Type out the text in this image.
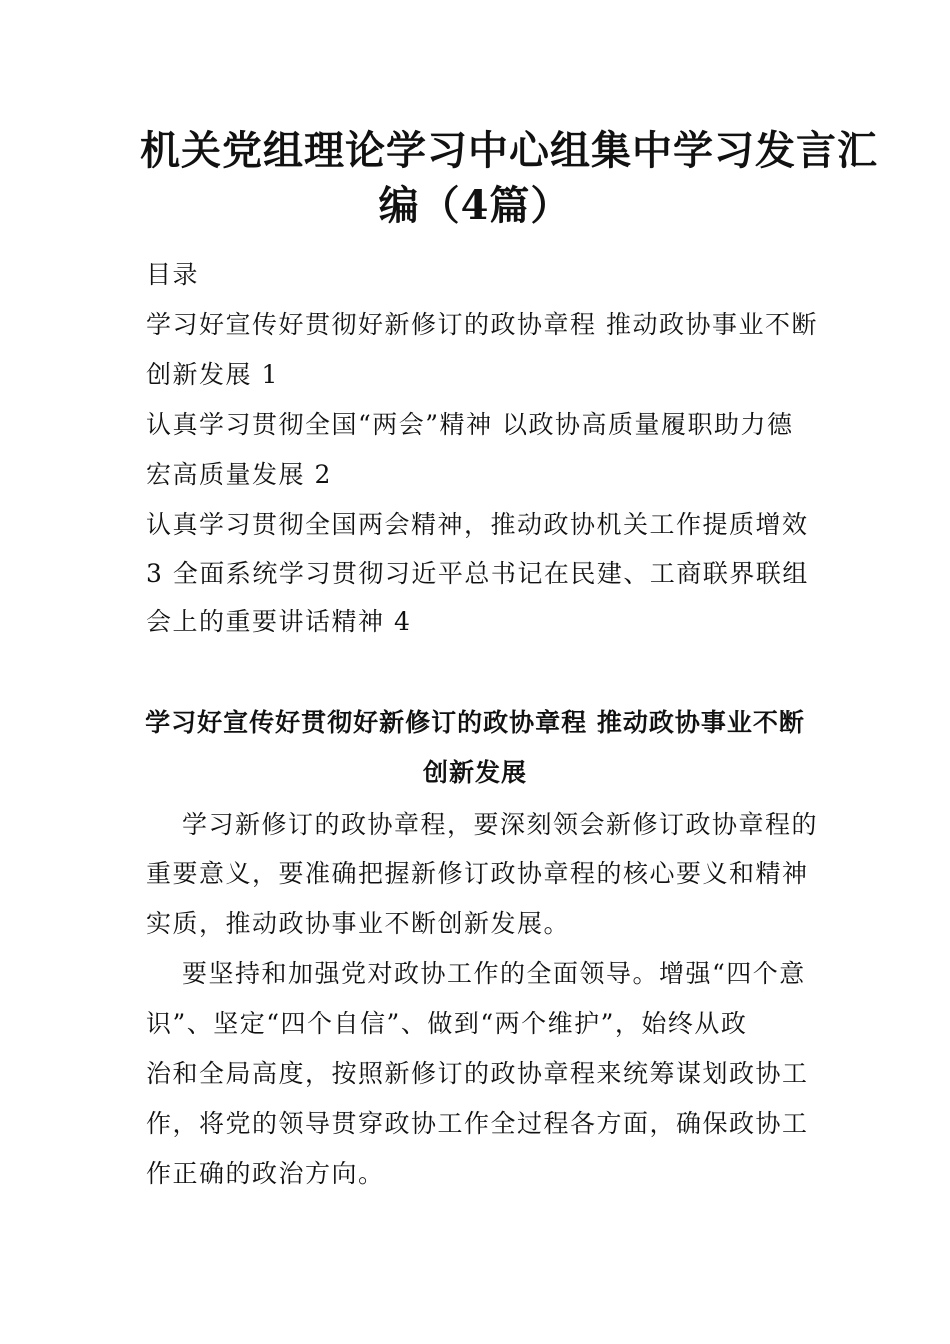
机关党组理论学习中心组集中学习发言汇
编（4篇）
目录
学习好宣传好贯彻好新修订的政协章程 推动政协事业不断
创新发展 1
认真学习贯彻全国“两会”精神 以政协高质量履职助力德
宏高质量发展 2
认真学习贯彻全国两会精神，推动政协机关工作提质增效
3 全面系统学习贯彻习近平总书记在民建、工商联界联组
会上的重要讲话精神 4
学习好宣传好贯彻好新修订的政协章程 推动政协事业不断
创新发展
学习新修订的政协章程，要深刻领会新修订政协章程的
重要意义，要准确把握新修订政协章程的核心要义和精神
实质，推动政协事业不断创新发展。
要坚持和加强党对政协工作的全面领导。增强“四个意
识”、坚定“四个自信”、做到“两个维护”，始终从政
治和全局高度，按照新修订的政协章程来统筹谋划政协工
作，将党的领导贯穿政协工作全过程各方面，确保政协工
作正确的政治方向。
